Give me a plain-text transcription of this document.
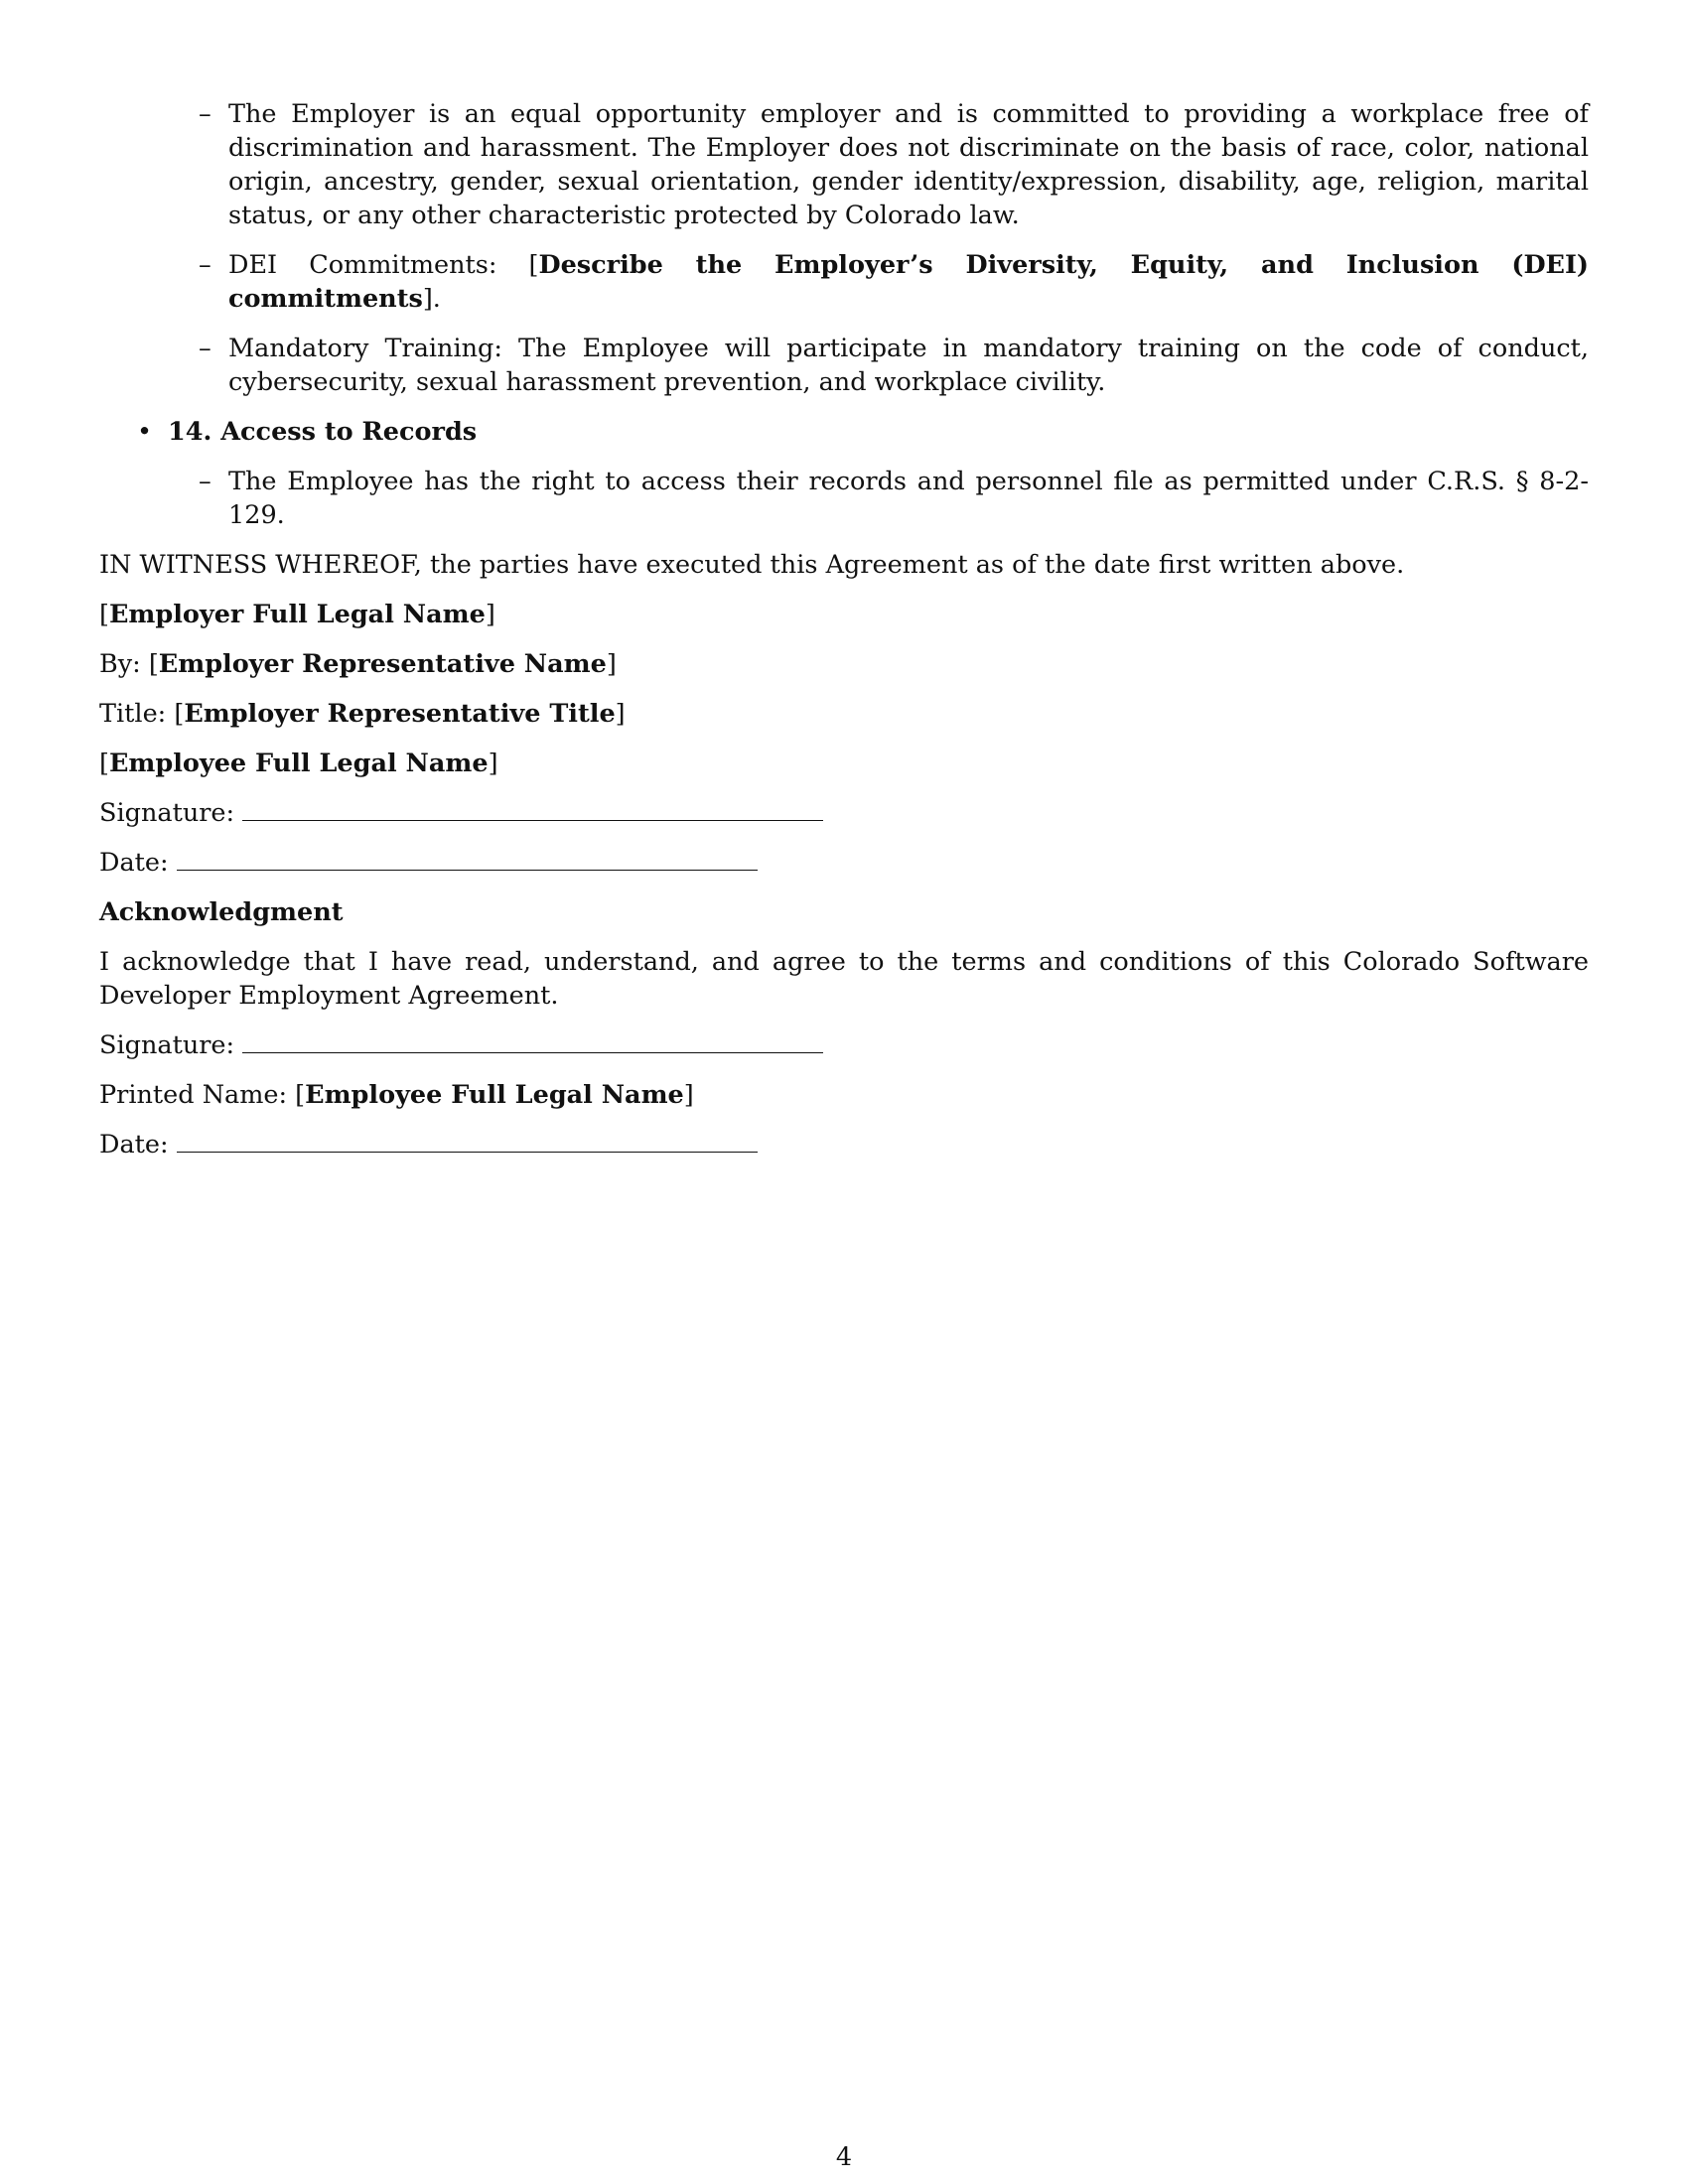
– The Employer is an equal opportunity employer and is committed to providing a workplace free of discrimination and harassment. The Employer does not discriminate on the basis of race, color, national origin, ancestry, gender, sexual orientation, gender identity/expression, disability, age, religion, marital status, or any other characteristic protected by Colorado law.
– DEI Commitments: [Describe the Employer’s Diversity, Equity, and Inclusion (DEI) commitments].
– Mandatory Training: The Employee will participate in mandatory training on the code of conduct, cybersecurity, sexual harassment prevention, and workplace civility.
• 14. Access to Records
– The Employee has the right to access their records and personnel file as permitted under C.R.S. § 8-2-129.
IN WITNESS WHEREOF, the parties have executed this Agreement as of the date first written above.
[Employer Full Legal Name]
By: [Employer Representative Name]
Title: [Employer Representative Title]
[Employee Full Legal Name]
Signature:
Date:
Acknowledgment
I acknowledge that I have read, understand, and agree to the terms and conditions of this Colorado Software Developer Employment Agreement.
Signature:
Printed Name: [Employee Full Legal Name]
Date:
4
